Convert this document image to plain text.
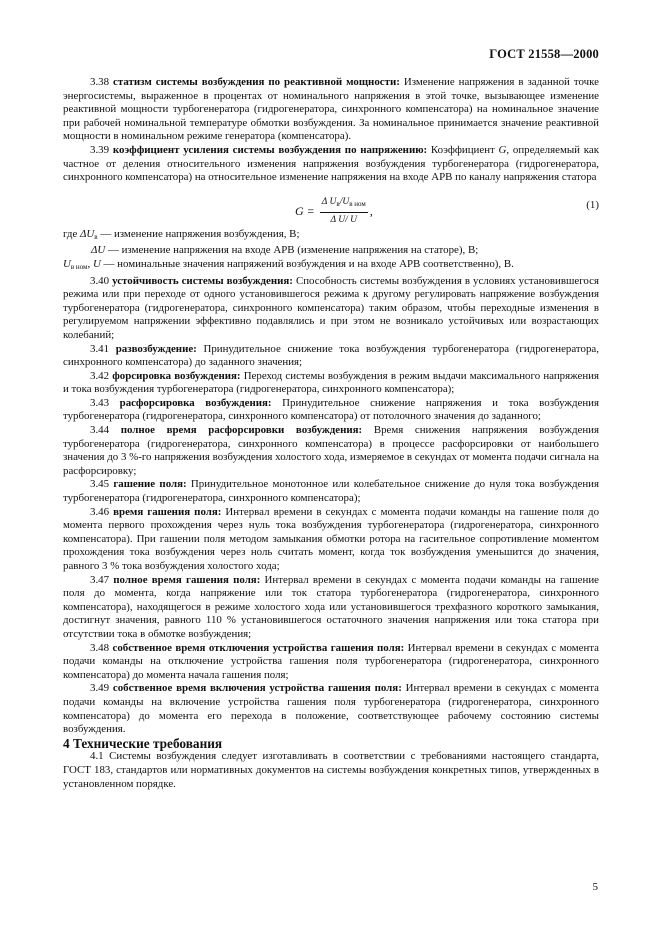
ГОСТ 21558—2000

3.38 статизм системы возбуждения по реактивной мощности: Изменение напряжения в заданной точке энергосистемы, выраженное в процентах от номинального напряжения в этой точке, вызывающее изменение реактивной мощности турбогенератора (гидрогенератора, синхронного компенсатора) на номинальное значение при рабочей номинальной температуре обмотки возбуждения. За номинальное принимается значение реактивной мощности в номинальном режиме генератора (компенсатора).

3.39 коэффициент усиления системы возбуждения по напряжению: Коэффициент G, определяемый как частное от деления относительного изменения напряжения возбуждения турбогенератора (гидрогенератора, синхронного компенсатора) на относительное изменение напряжения на входе АРВ по каналу напряжения статора

$G = \frac{\Delta U_в/U_{в ном}}{\text{Δ U/ U}}$ ,	(1)
где $\Delta U_в$ — изменение напряжения возбуждения, В;
ΔU — изменение напряжения на входе АРВ (изменение напряжения на статоре), В;
$U_{в ном}$, U — номинальные значения напряжений возбуждения и на входе АРВ соответственно), В.

3.40 устойчивость системы возбуждения: Способность системы возбуждения в условиях установившегося режима или при переходе от одного установившегося режима к другому регулировать напряжение возбуждения турбогенератора (гидрогенератора, синхронного компенсатора) таким образом, чтобы переходные изменения в регулируемом напряжении эффективно подавлялись и при этом не возникало устойчивых или возрастающих колебаний;

3.41 развозбуждение: Принудительное снижение тока возбуждения турбогенератора (гидрогенератора, синхронного компенсатора) до заданного значения;

3.42 форсировка возбуждения: Переход системы возбуждения в режим выдачи максимального напряжения и тока возбуждения турбогенератора (гидрогенератора, синхронного компенсатора);

3.43 расфорсировка возбуждения: Принудительное снижение напряжения и тока возбуждения турбогенератора (гидрогенератора, синхронного компенсатора) от потолочного значения до заданного;

3.44 полное время расфорсировки возбуждения: Время снижения напряжения возбуждения турбогенератора (гидрогенератора, синхронного компенсатора) в процессе расфорсировки от наибольшего значения до 3 %-го напряжения возбуждения холостого хода, измеряемое в секундах от момента подачи сигнала на расфорсировку;

3.45 гашение поля: Принудительное монотонное или колебательное снижение до нуля тока возбуждения турбогенератора (гидрогенератора, синхронного компенсатора);

3.46 время гашения поля: Интервал времени в секундах с момента подачи команды на гашение поля до момента первого прохождения через нуль тока возбуждения турбогенератора (гидрогенератора, синхронного компенсатора). При гашении поля методом замыкания обмотки ротора на гасительное сопротивление моментом прохождения тока возбуждения через ноль считать момент, когда ток возбуждения уменьшится до значения, равного 3 % тока возбуждения холостого хода;

3.47 полное время гашения поля: Интервал времени в секундах с момента подачи команды на гашение поля до момента, когда напряжение или ток статора турбогенератора (гидрогенератора, синхронного компенсатора), находящегося в режиме холостого хода или установившегося трехфазного короткого замыкания, достигнут значения, равного 110 % установившегося остаточного значения напряжения или тока статора при отсутствии тока в обмотке возбуждения;

3.48 собственное время отключения устройства гашения поля: Интервал времени в секундах с момента подачи команды на отключение устройства гашения поля турбогенератора (гидрогенератора, синхронного компенсатора) до момента начала гашения поля;

3.49 собственное время включения устройства гашения поля: Интервал времени в секундах с момента подачи команды на включение устройства гашения поля турбогенератора (гидрогенератора, синхронного компенсатора) до момента его перехода в положение, соответствующее рабочему состоянию системы возбуждения.

4 Технические требования

4.1 Системы возбуждения следует изготавливать в соответствии с требованиями настоящего стандарта, ГОСТ 183, стандартов или нормативных документов на системы возбуждения конкретных типов, утвержденных в установленном порядке.

5
